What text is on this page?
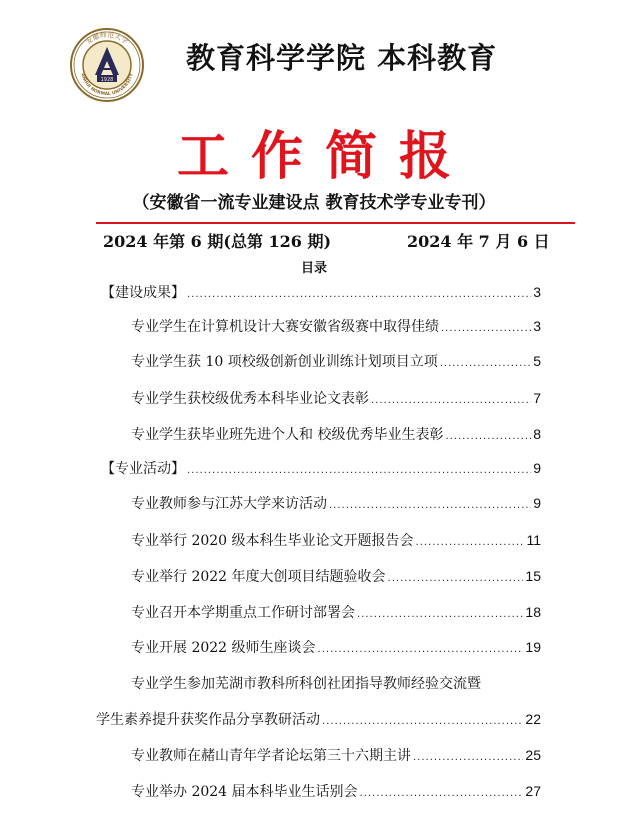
1928
安徽师范大学
ANHUI NORMAL UNIVERSITY 教育科学学院 本科教育
工作简报
（安徽省一流专业建设点 教育技术学专业专刊）
2024 年第 6 期(总第 126 期)	2024 年 7 月 6 日
目录
【建设成果】 .....	3
专业学生在计算机设计大赛安徽省级赛中取得佳绩 .....	3
专业学生获 10 项校级创新创业训练计划项目立项 .....	5
专业学生获校级优秀本科毕业论文表彰 .....	7
专业学生获毕业班先进个人和 校级优秀毕业生表彰 .....	8
【专业活动】 .....	9
专业教师参与江苏大学来访活动 .....	9
专业举行 2020 级本科生毕业论文开题报告会 .....	11
专业举行 2022 年度大创项目结题验收会 .....	15
专业召开本学期重点工作研讨部署会 .....	18
专业开展 2022 级师生座谈会 .....	19
专业学生参加芜湖市教科所科创社团指导教师经验交流暨
学生素养提升获奖作品分享教研活动 .....	22
专业教师在赭山青年学者论坛第三十六期主讲 .....	25
专业举办 2024 届本科毕业生话别会 .....	27
